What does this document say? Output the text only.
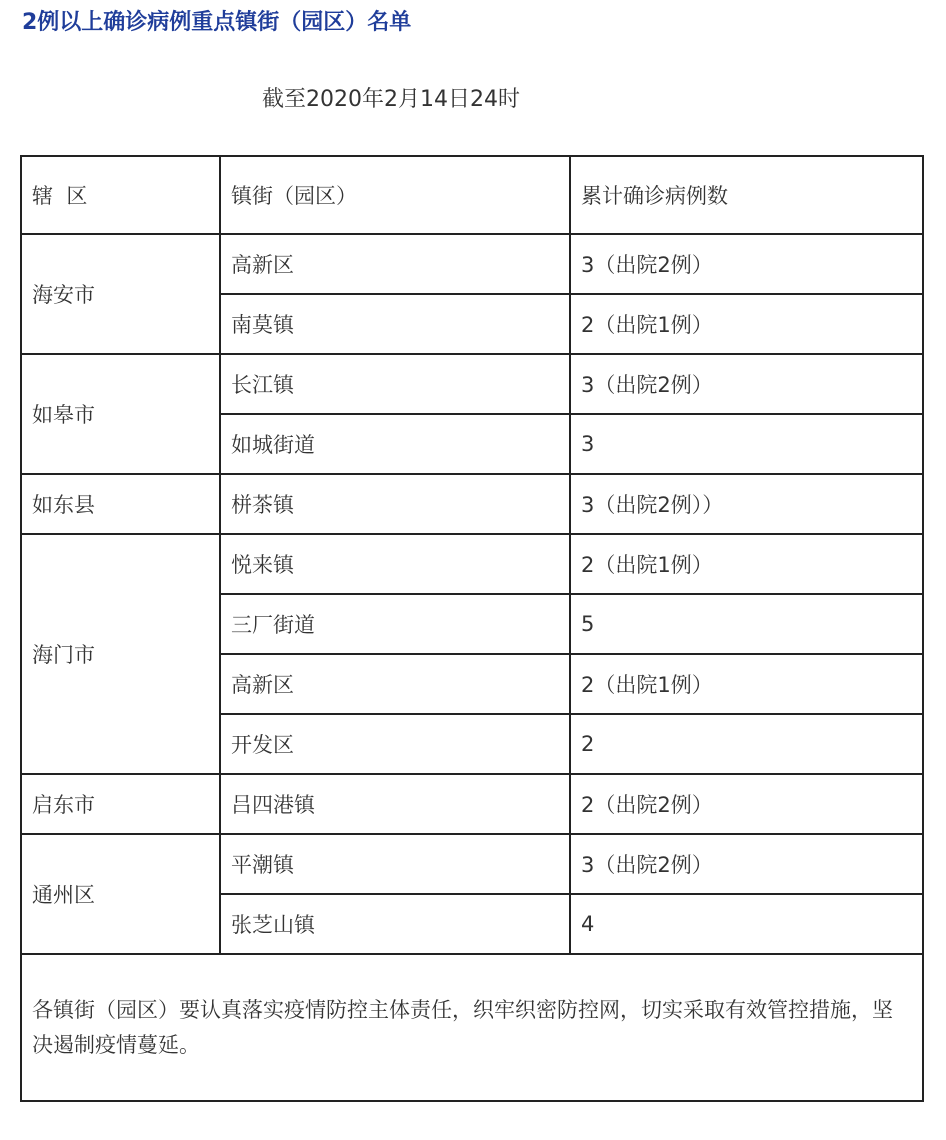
2例以上确诊病例重点镇街（园区）名单
截至2020年2月14日24时
辖  区	镇街（园区）	累计确诊病例数
海安市	高新区	3（出院2例）
	南莫镇	2（出院1例）
如皋市	长江镇	3（出院2例）
	如城街道	3
如东县	栟茶镇	3（出院2例））
海门市	悦来镇	2（出院1例）
	三厂街道	5
	高新区	2（出院1例）
	开发区	2
启东市	吕四港镇	2（出院2例）
通州区	平潮镇	3（出院2例）
	张芝山镇	4
各镇街（园区）要认真落实疫情防控主体责任，织牢织密防控网，切实采取有效管控措施，坚决遏制疫情蔓延。		
